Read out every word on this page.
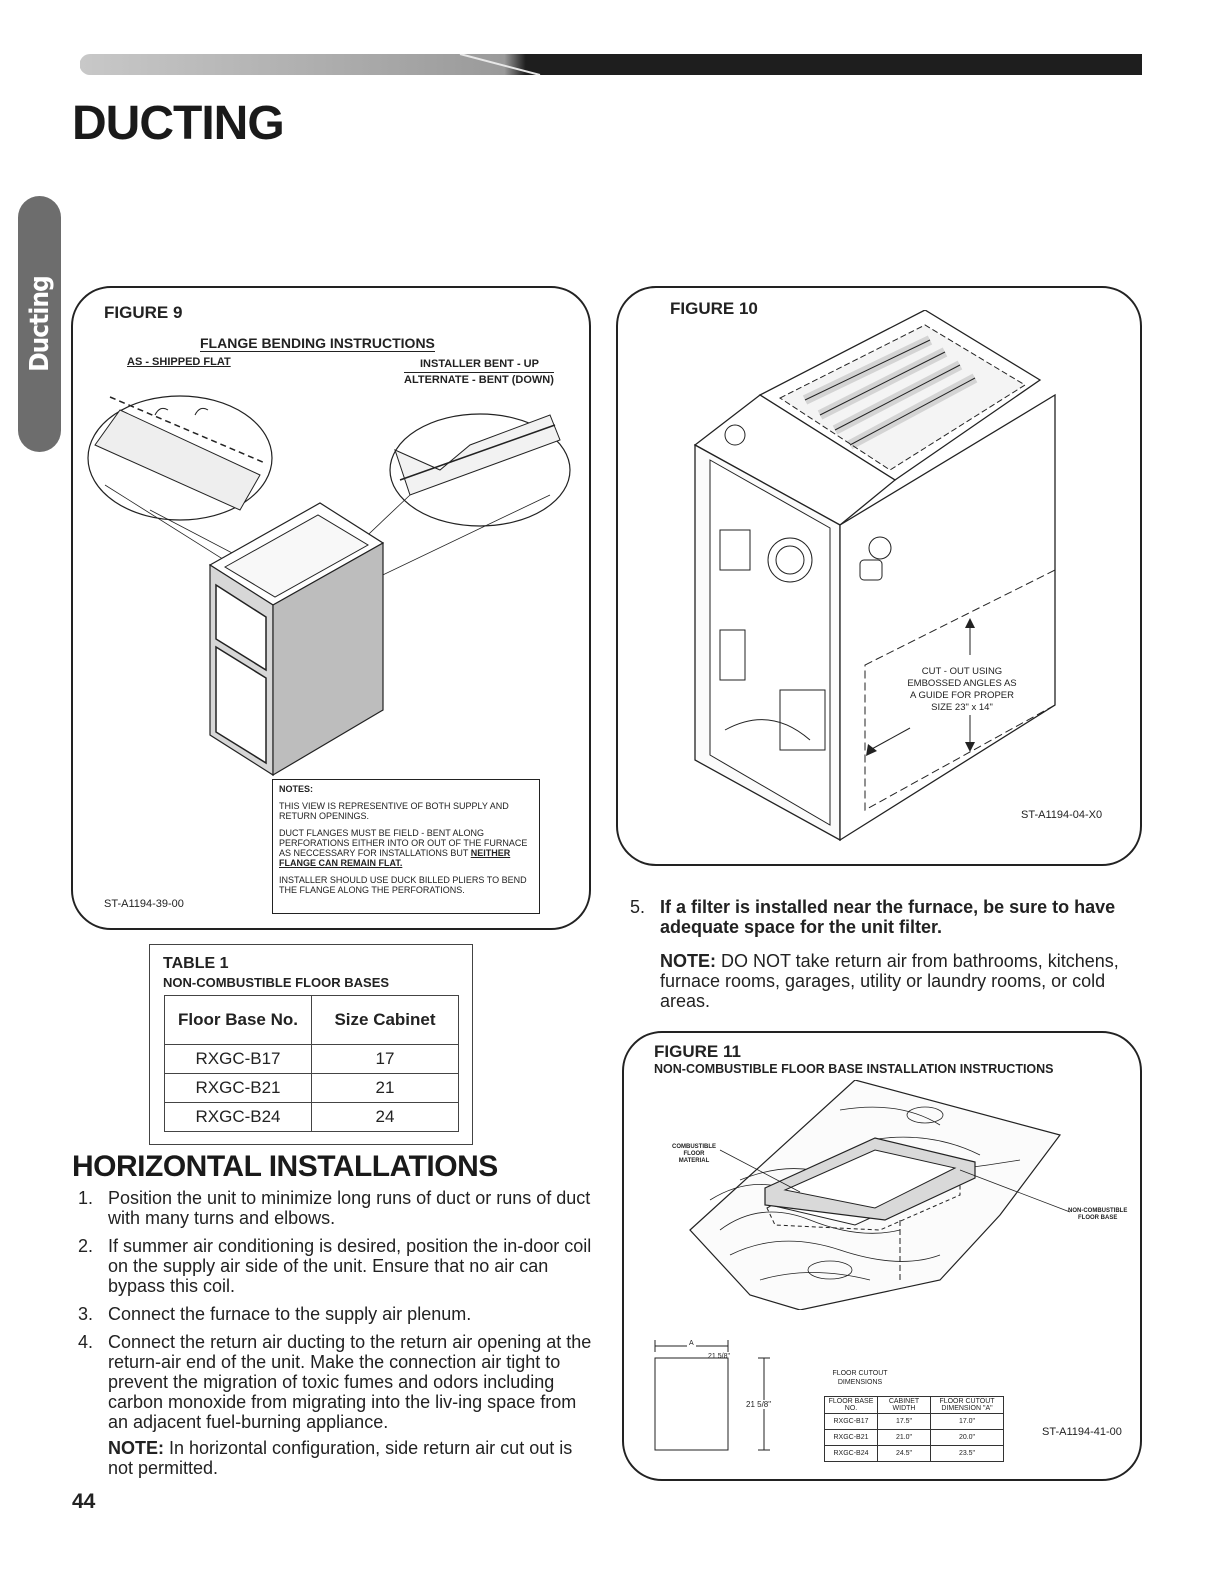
DUCTING
Ducting	FIGURE 9
FLANGE BENDING INSTRUCTIONS
AS - SHIPPED FLAT	INSTALLER BENT - UP
ALTERNATE - BENT (DOWN)

NOTES:

THIS VIEW IS REPRESENTIVE OF BOTH SUPPLY AND RETURN OPENINGS.

DUCT FLANGES MUST BE FIELD - BENT ALONG PERFORATIONS EITHER INTO OR OUT OF THE FURNACE AS NECCESSARY FOR INSTALLATIONS BUT NEITHER FLANGE CAN REMAIN FLAT.

INSTALLER SHOULD USE DUCK BILLED PLIERS TO BEND THE FLANGE ALONG THE PERFORATIONS.

ST-A1194-39-00
FIGURE 10
CUT - OUT USING
EMBOSSED ANGLES AS
A GUIDE FOR PROPER
SIZE 23" x 14"
ST-A1194-04-X0
TABLE 1
NON-COMBUSTIBLE FLOOR BASES
Floor Base No.	Size Cabinet
RXGC-B17	17
RXGC-B21	21
RXGC-B24	24
HORIZONTAL INSTALLATIONS
1. Position the unit to minimize long runs of duct or runs of duct with many turns and elbows.
2. If summer air conditioning is desired, position the in-door coil on the supply air side of the unit. Ensure that no air can bypass this coil.
3. Connect the furnace to the supply air plenum.
4. Connect the return air ducting to the return air opening at the return-air end of the unit. Make the connection air tight to prevent the migration of toxic fumes and odors including carbon monoxide from migrating into the liv-ing space from an adjacent fuel-burning appliance.
NOTE: In horizontal configuration, side return air cut out is not permitted.
5. If a filter is installed near the furnace, be sure to have adequate space for the unit filter.
NOTE: DO NOT take return air from bathrooms, kitchens, furnace rooms, garages, utility or laundry rooms, or cold areas.
FIGURE 11
NON-COMBUSTIBLE FLOOR BASE INSTALLATION INSTRUCTIONS
COMBUSTIBLE
FLOOR
MATERIAL
NON-COMBUSTIBLE
FLOOR BASE
A
21 5/8"
21 5/8"
FLOOR CUTOUT
DIMENSIONS
FLOOR BASE NO.	CABINET WIDTH	FLOOR CUTOUT DIMENSION "A"
RXGC-B17	17.5"	17.0"
RXGC-B21	21.0"	20.0"
RXGC-B24	24.5"	23.5"
ST-A1194-41-00
44
